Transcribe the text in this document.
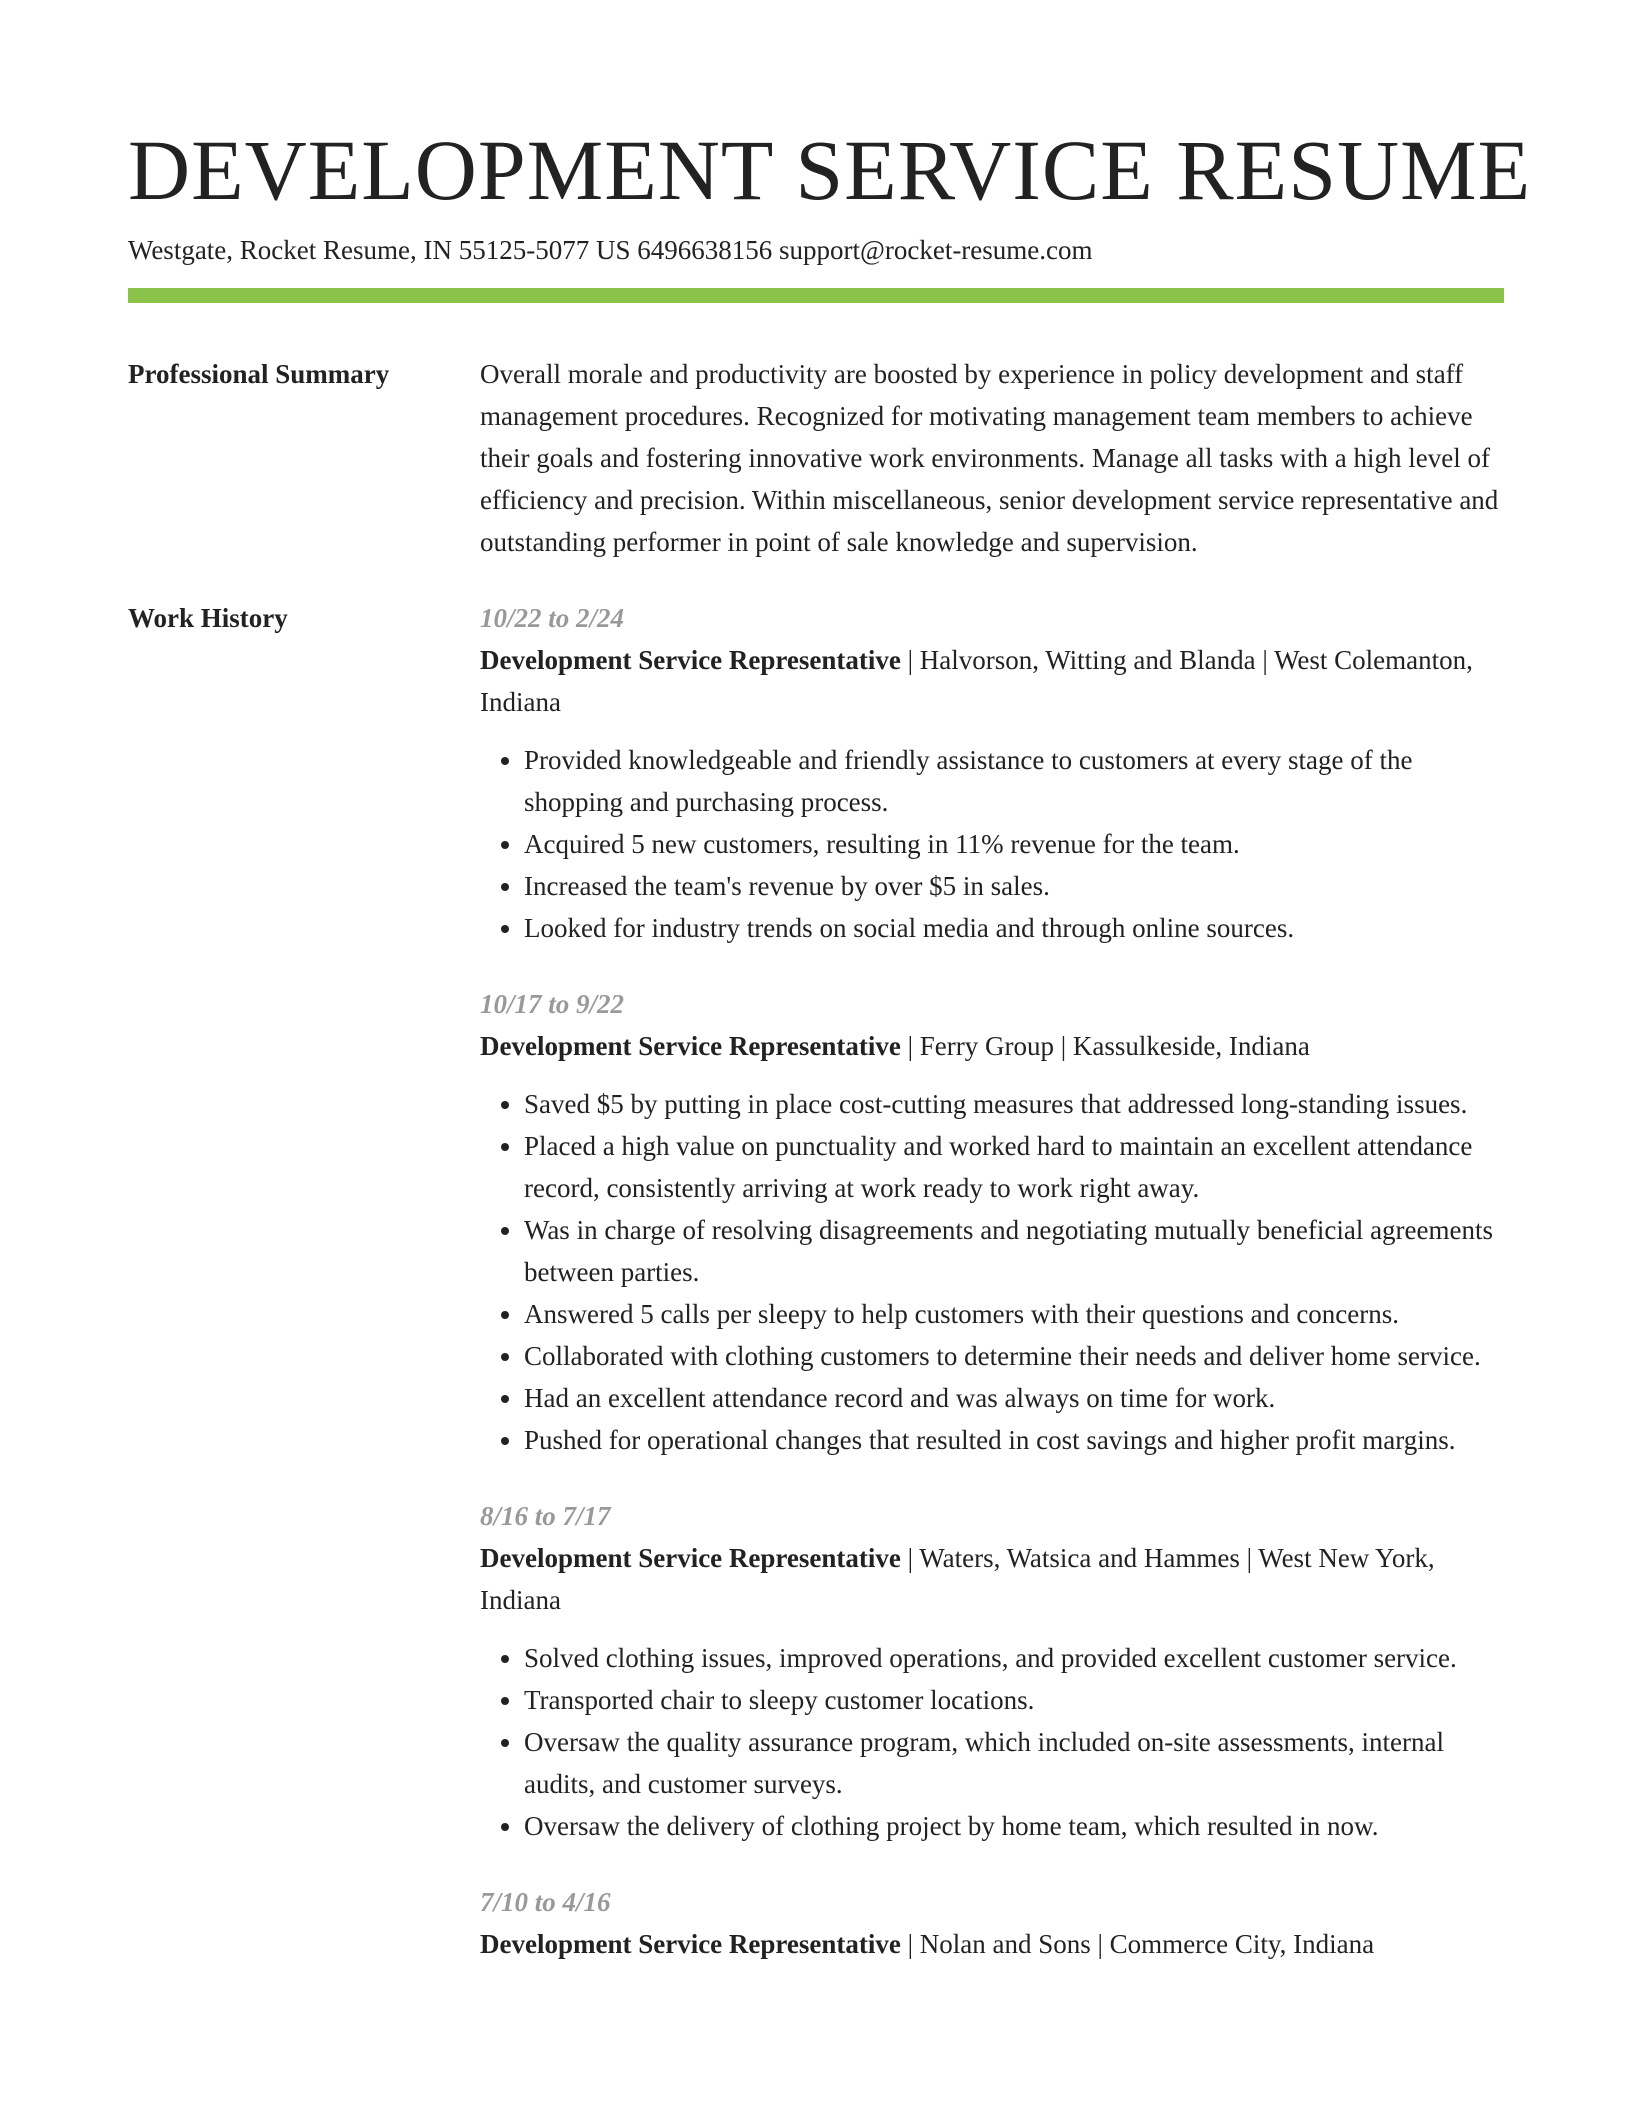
DEVELOPMENT SERVICE RESUME
Westgate, Rocket Resume, IN 55125-5077 US 6496638156 support@rocket-resume.com
Professional Summary	Overall morale and productivity are boosted by experience in policy development and staff management procedures. Recognized for motivating management team members to achieve their goals and fostering innovative work environments. Manage all tasks with a high level of efficiency and precision. Within miscellaneous, senior development service representative and outstanding performer in point of sale knowledge and supervision.

Work History	10/22 to 2/24
Development Service Representative | Halvorson, Witting and Blanda | West Colemanton, Indiana
• Provided knowledgeable and friendly assistance to customers at every stage of the shopping and purchasing process.
• Acquired 5 new customers, resulting in 11% revenue for the team.
• Increased the team's revenue by over $5 in sales.
• Looked for industry trends on social media and through online sources.
10/17 to 9/22
Development Service Representative | Ferry Group | Kassulkeside, Indiana
• Saved $5 by putting in place cost-cutting measures that addressed long-standing issues.
• Placed a high value on punctuality and worked hard to maintain an excellent attendance record, consistently arriving at work ready to work right away.
• Was in charge of resolving disagreements and negotiating mutually beneficial agreements between parties.
• Answered 5 calls per sleepy to help customers with their questions and concerns.
• Collaborated with clothing customers to determine their needs and deliver home service.
• Had an excellent attendance record and was always on time for work.
• Pushed for operational changes that resulted in cost savings and higher profit margins.
8/16 to 7/17
Development Service Representative | Waters, Watsica and Hammes | West New York, Indiana
• Solved clothing issues, improved operations, and provided excellent customer service.
• Transported chair to sleepy customer locations.
• Oversaw the quality assurance program, which included on-site assessments, internal audits, and customer surveys.
• Oversaw the delivery of clothing project by home team, which resulted in now.
7/10 to 4/16
Development Service Representative | Nolan and Sons | Commerce City, Indiana
